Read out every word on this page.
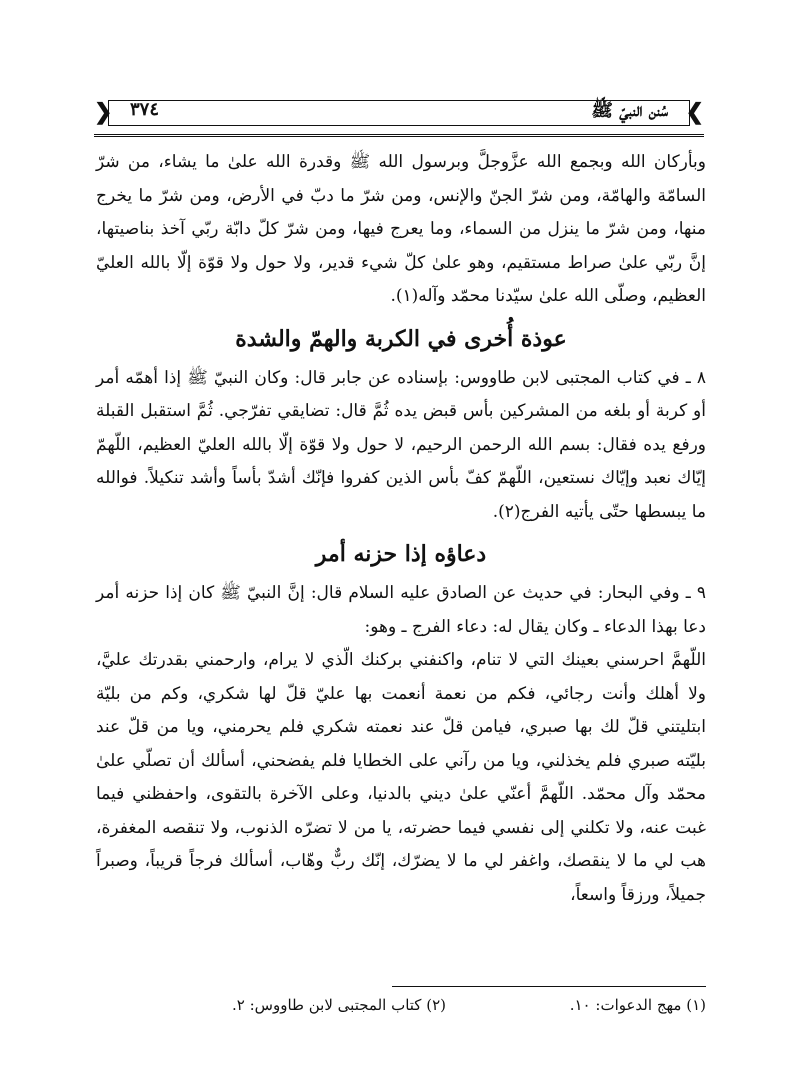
❮
❯	سُنن النبيّ ﷺ
٣٧٤

وبأركان الله وبجمع الله عزَّوجلَّ وبرسول الله ﷺ وقدرة الله علىٰ ما يشاء، من شرّ السامّة والهامّة، ومن شرّ الجنّ والإنس، ومن شرّ ما دبّ في الأرض، ومن شرّ ما يخرج منها، ومن شرّ ما ينزل من السماء، وما يعرج فيها، ومن شرّ كلّ دابّة ربّي آخذ بناصيتها، إنَّ ربّي علىٰ صراط مستقيم، وهو علىٰ كلّ شيء قدير، ولا حول ولا قوّة إلّا بالله العليّ العظيم، وصلّى الله علىٰ سيّدنا محمّد وآله(١).

عوذة أُخرى في الكربة والهمّ والشدة

٨ ـ في كتاب المجتبى لابن طاووس: بإسناده عن جابر قال: وكان النبيّ ﷺ إذا أهمّه أمر أو كربة أو بلغه من المشركين بأس قبض يده ثُمَّ قال: تضايقي تفرّجي. ثُمَّ استقبل القبلة ورفع يده فقال: بسم الله الرحمن الرحيم، لا حول ولا قوّة إلّا بالله العليّ العظيم، اللّهمّ إيّاك نعبد وإيّاك نستعين، اللّهمّ كفّ بأس الذين كفروا فإنّك أشدّ بأساً وأشد تنكيلاً. فوالله ما يبسطها حتّى يأتيه الفرج(٢).

دعاؤه إذا حزنه أمر

٩ ـ وفي البحار: في حديث عن الصادق عليه السلام قال: إنَّ النبيّ ﷺ كان إذا حزنه أمر دعا بهذا الدعاء ـ وكان يقال له: دعاء الفرج ـ وهو:

اللّهمَّ احرسني بعينك التي لا تنام، واكنفني بركنك الّذي لا يرام، وارحمني بقدرتك عليَّ، ولا أهلك وأنت رجائي، فكم من نعمة أنعمت بها عليّ قلّ لها شكري، وكم من بليّة ابتليتني قلّ لك بها صبري، فيامن قلّ عند نعمته شكري فلم يحرمني، ويا من قلّ عند بليّته صبري فلم يخذلني، ويا من رآني على الخطايا فلم يفضحني، أسألك أن تصلّي علىٰ محمّد وآل محمّد. اللّهمَّ أعنّي علىٰ ديني بالدنيا، وعلى الآخرة بالتقوى، واحفظني فيما غبت عنه، ولا تكلني إلى نفسي فيما حضرته، يا من لا تضرّه الذنوب، ولا تنقصه المغفرة، هب لي ما لا ينقصك، واغفر لي ما لا يضرّك، إنّك ربٌّ وهّاب، أسألك فرجاً قريباً، وصبراً جميلاً، ورزقاً واسعاً،

(١) مهج الدعوات: ١٠.
(٢) كتاب المجتبى لابن طاووس: ٢.
